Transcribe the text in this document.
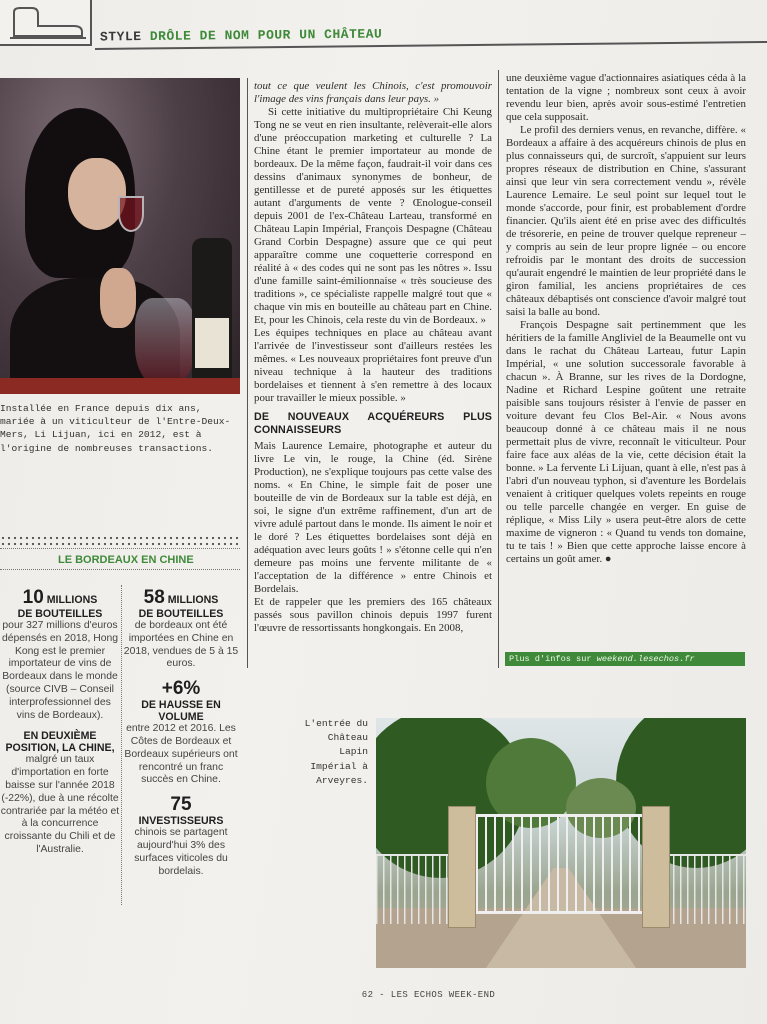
STYLE DRÔLE DE NOM POUR UN CHÂTEAU
Installée en France depuis dix ans, mariée à un viticulteur de l'Entre-Deux-Mers, Li Lijuan, ici en 2012, est à l'origine de nombreuses transactions.
LE BORDEAUX EN CHINE
10 MILLIONS
DE BOUTEILLES

pour 327 millions d'euros dépensés en 2018, Hong Kong est le premier importateur de vins de Bordeaux dans le monde (source CIVB – Conseil interprofessionnel des vins de Bordeaux).

EN DEUXIÈME POSITION, LA CHINE,

malgré un taux d'importation en forte baisse sur l'année 2018 (-22%), due à une récolte contrariée par la météo et à la concurrence croissante du Chili et de l'Australie.

58 MILLIONS
DE BOUTEILLES

de bordeaux ont été importées en Chine en 2018, vendues de 5 à 15 euros.

+6%
DE HAUSSE EN VOLUME

entre 2012 et 2016. Les Côtes de Bordeaux et Bordeaux supérieurs ont rencontré un franc succès en Chine.

75
INVESTISSEURS

chinois se partagent aujourd'hui 3% des surfaces viticoles du bordelais.

tout ce que veulent les Chinois, c'est promouvoir l'image des vins français dans leur pays. »

Si cette initiative du multipropriétaire Chi Keung Tong ne se veut en rien insultante, relèverait-elle alors d'une préoccupation marketing et culturelle ? La Chine étant le premier importateur au monde de bordeaux. De la même façon, faudrait-il voir dans ces dessins d'animaux synonymes de bonheur, de gentillesse et de pureté apposés sur les étiquettes autant d'arguments de vente ? Œnologue-conseil depuis 2001 de l'ex-Château Larteau, transformé en Château Lapin Impérial, François Despagne (Château Grand Corbin Despagne) assure que ce qui peut apparaître comme une coquetterie correspond en réalité à « des codes qui ne sont pas les nôtres ». Issu d'une famille saint-émilionnaise « très soucieuse des traditions », ce spécialiste rappelle malgré tout que « chaque vin mis en bouteille au château part en Chine. Et, pour les Chinois, cela reste du vin de Bordeaux. »

Les équipes techniques en place au château avant l'arrivée de l'investisseur sont d'ailleurs restées les mêmes. « Les nouveaux propriétaires font preuve d'un niveau technique à la hauteur des traditions bordelaises et tiennent à s'en remettre à des locaux pour travailler le mieux possible. »

DE NOUVEAUX ACQUÉREURS PLUS CONNAISSEURS

Mais Laurence Lemaire, photographe et auteur du livre Le vin, le rouge, la Chine (éd. Sirène Production), ne s'explique toujours pas cette valse des noms. « En Chine, le simple fait de poser une bouteille de vin de Bordeaux sur la table est déjà, en soi, le signe d'un extrême raffinement, d'un art de vivre adulé partout dans le monde. Ils aiment le noir et le doré ? Les étiquettes bordelaises sont déjà en adéquation avec leurs goûts ! » s'étonne celle qui n'en demeure pas moins une fervente militante de « l'acceptation de la différence » entre Chinois et Bordelais.

Et de rappeler que les premiers des 165 châteaux passés sous pavillon chinois depuis 1997 furent l'œuvre de ressortissants hongkongais. En 2008,

une deuxième vague d'actionnaires asiatiques céda à la tentation de la vigne ; nombreux sont ceux à avoir revendu leur bien, après avoir sous-estimé l'entretien que cela supposait.

Le profil des derniers venus, en revanche, diffère. « Bordeaux a affaire à des acquéreurs chinois de plus en plus connaisseurs qui, de surcroît, s'appuient sur leurs propres réseaux de distribution en Chine, s'assurant ainsi que leur vin sera correctement vendu », révèle Laurence Lemaire. Le seul point sur lequel tout le monde s'accorde, pour finir, est probablement d'ordre financier. Qu'ils aient été en prise avec des difficultés de trésorerie, en peine de trouver quelque repreneur – y compris au sein de leur propre lignée – ou encore refroidis par le montant des droits de succession qu'aurait engendré le maintien de leur propriété dans le giron familial, les anciens propriétaires de ces châteaux débaptisés ont conscience d'avoir malgré tout saisi la balle au bond.

François Despagne sait pertinemment que les héritiers de la famille Angliviel de la Beaumelle ont vu dans le rachat du Château Larteau, futur Lapin Impérial, « une solution successorale favorable à chacun ». À Branne, sur les rives de la Dordogne, Nadine et Richard Lespine goûtent une retraite paisible sans toujours résister à l'envie de passer en voiture devant feu Clos Bel-Air. « Nous avons beaucoup donné à ce château mais il ne nous permettait plus de vivre, reconnaît le viticulteur. Pour faire face aux aléas de la vie, cette décision était la bonne. » La fervente Li Lijuan, quant à elle, n'est pas à l'abri d'un nouveau typhon, si d'aventure les Bordelais venaient à critiquer quelques volets repeints en rouge ou telle parcelle changée en verger. En guise de réplique, « Miss Lily » usera peut-être alors de cette maxime de vigneron : « Quand tu vends ton domaine, tu te tais ! » Bien que cette approche laisse encore à certains un goût amer. ●

Plus d'infos sur weekend.lesechos.fr
L'entrée du Château Lapin Impérial à Arveyres.
62 - LES ECHOS WEEK-END
